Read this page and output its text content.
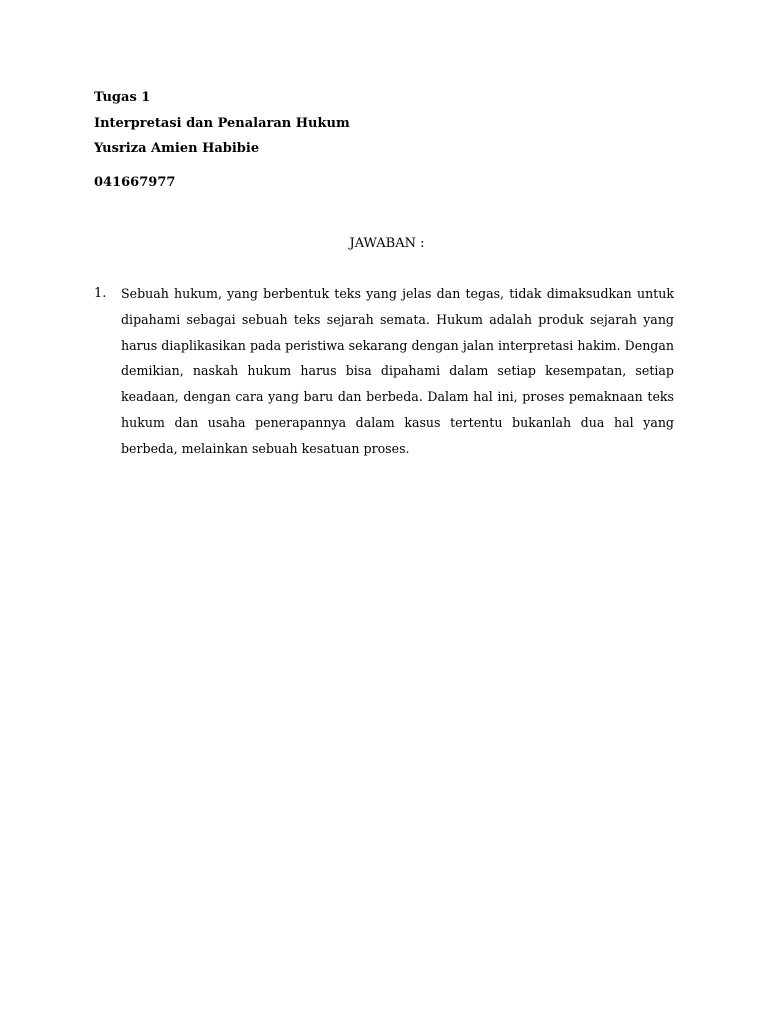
Tugas 1
Interpretasi dan Penalaran Hukum
Yusriza Amien Habibie
041667977
JAWABAN :
1. Sebuah hukum, yang berbentuk teks yang jelas dan tegas, tidak dimaksudkan untuk dipahami sebagai sebuah teks sejarah semata. Hukum adalah produk sejarah yang harus diaplikasikan pada peristiwa sekarang dengan jalan interpretasi hakim. Dengan demikian, naskah hukum harus bisa dipahami dalam setiap kesempatan, setiap keadaan, dengan cara yang baru dan berbeda. Dalam hal ini, proses pemaknaan teks hukum dan usaha penerapannya dalam kasus tertentu bukanlah dua hal yang berbeda, melainkan sebuah kesatuan proses.
